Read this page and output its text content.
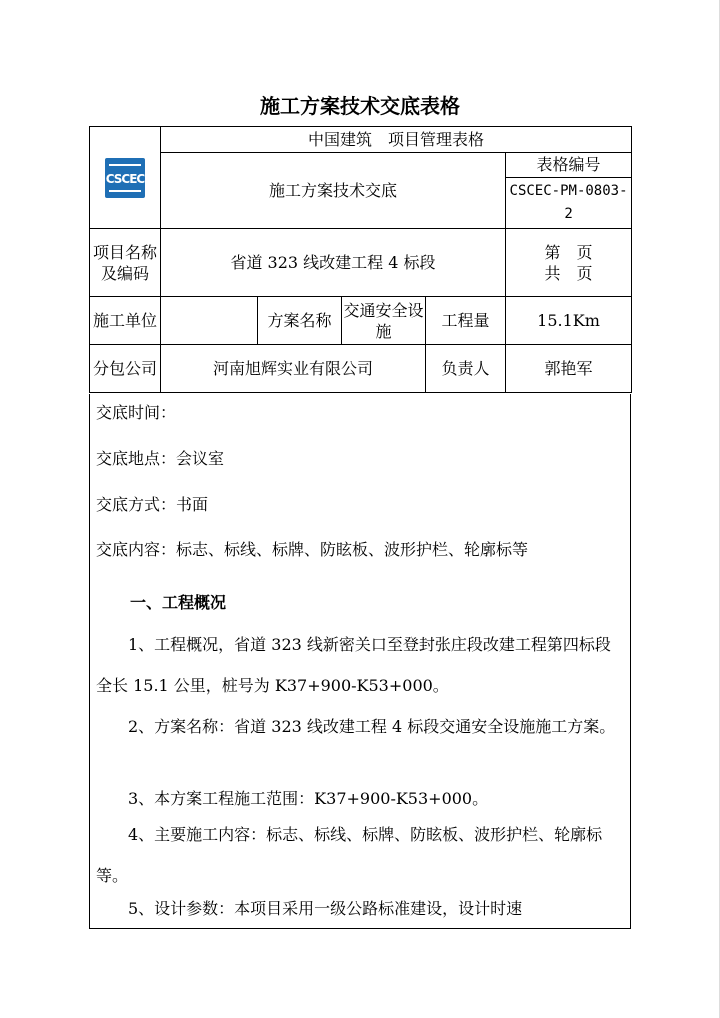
施工方案技术交底表格
CSCEC	中国建筑　项目管理表格				
	施工方案技术交底				表格编号
CSCEC-PM-0803-2

项目名称及编码	省道 323 线改建工程 4 标段				第　页
共　页

施工单位		方案名称	交通安全设施	工程量	15.1Km
分包公司	河南旭辉实业有限公司			负责人	郭艳军
交底时间：
交底地点：会议室
交底方式：书面
交底内容：标志、标线、标牌、防眩板、波形护栏、轮廓标等
一、工程概况
1、工程概况，省道 323 线新密关口至登封张庄段改建工程第四标段全长 15.1 公里，桩号为 K37+900-K53+000。
2、方案名称：省道 323 线改建工程 4 标段交通安全设施施工方案。
3、本方案工程施工范围：K37+900-K53+000。
4、主要施工内容：标志、标线、标牌、防眩板、波形护栏、轮廓标等。
5、设计参数：本项目采用一级公路标准建设，设计时速
